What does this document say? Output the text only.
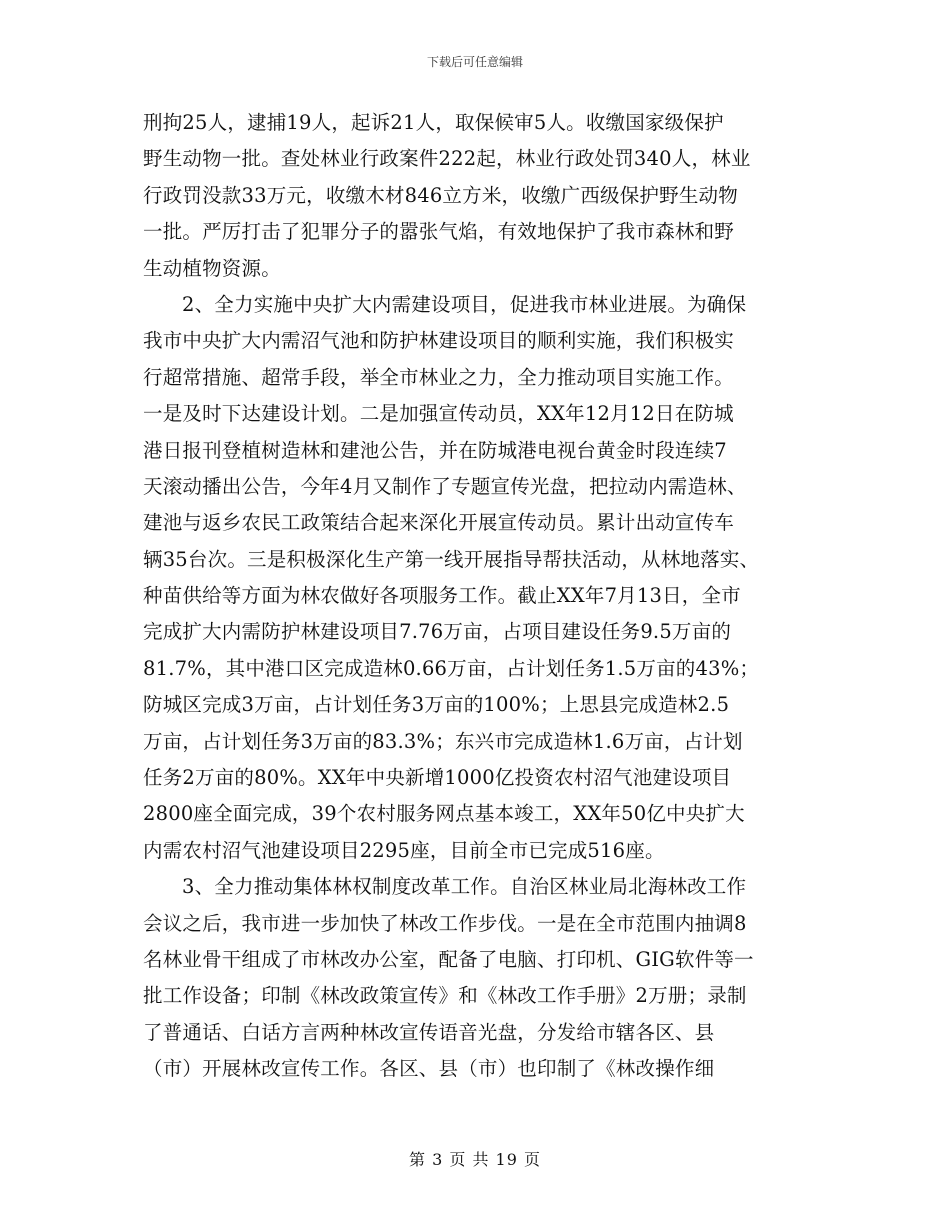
下载后可任意编辑
刑拘25人，逮捕19人，起诉21人，取保候审5人。收缴国家级保护
野生动物一批。查处林业行政案件222起，林业行政处罚340人，林业
行政罚没款33万元，收缴木材846立方米，收缴广西级保护野生动物
一批。严厉打击了犯罪分子的嚣张气焰，有效地保护了我市森林和野
生动植物资源。
2、全力实施中央扩大内需建设项目，促进我市林业进展。为确保
我市中央扩大内需沼气池和防护林建设项目的顺利实施，我们积极实
行超常措施、超常手段，举全市林业之力，全力推动项目实施工作。
一是及时下达建设计划。二是加强宣传动员，XX年12月12日在防城
港日报刊登植树造林和建池公告，并在防城港电视台黄金时段连续7
天滚动播出公告，今年4月又制作了专题宣传光盘，把拉动内需造林、
建池与返乡农民工政策结合起来深化开展宣传动员。累计出动宣传车
辆35台次。三是积极深化生产第一线开展指导帮扶活动，从林地落实、
种苗供给等方面为林农做好各项服务工作。截止XX年7月13日，全市
完成扩大内需防护林建设项目7.76万亩，占项目建设任务9.5万亩的
81.7%，其中港口区完成造林0.66万亩，占计划任务1.5万亩的43%；
防城区完成3万亩，占计划任务3万亩的100%；上思县完成造林2.5
万亩，占计划任务3万亩的83.3%；东兴市完成造林1.6万亩，占计划
任务2万亩的80%。XX年中央新增1000亿投资农村沼气池建设项目
2800座全面完成，39个农村服务网点基本竣工，XX年50亿中央扩大
内需农村沼气池建设项目2295座，目前全市已完成516座。
3、全力推动集体林权制度改革工作。自治区林业局北海林改工作
会议之后，我市进一步加快了林改工作步伐。一是在全市范围内抽调8
名林业骨干组成了市林改办公室，配备了电脑、打印机、GIG软件等一
批工作设备；印制《林改政策宣传》和《林改工作手册》2万册；录制
了普通话、白话方言两种林改宣传语音光盘，分发给市辖各区、县
（市）开展林改宣传工作。各区、县（市）也印制了《林改操作细
第 3 页 共 19 页
